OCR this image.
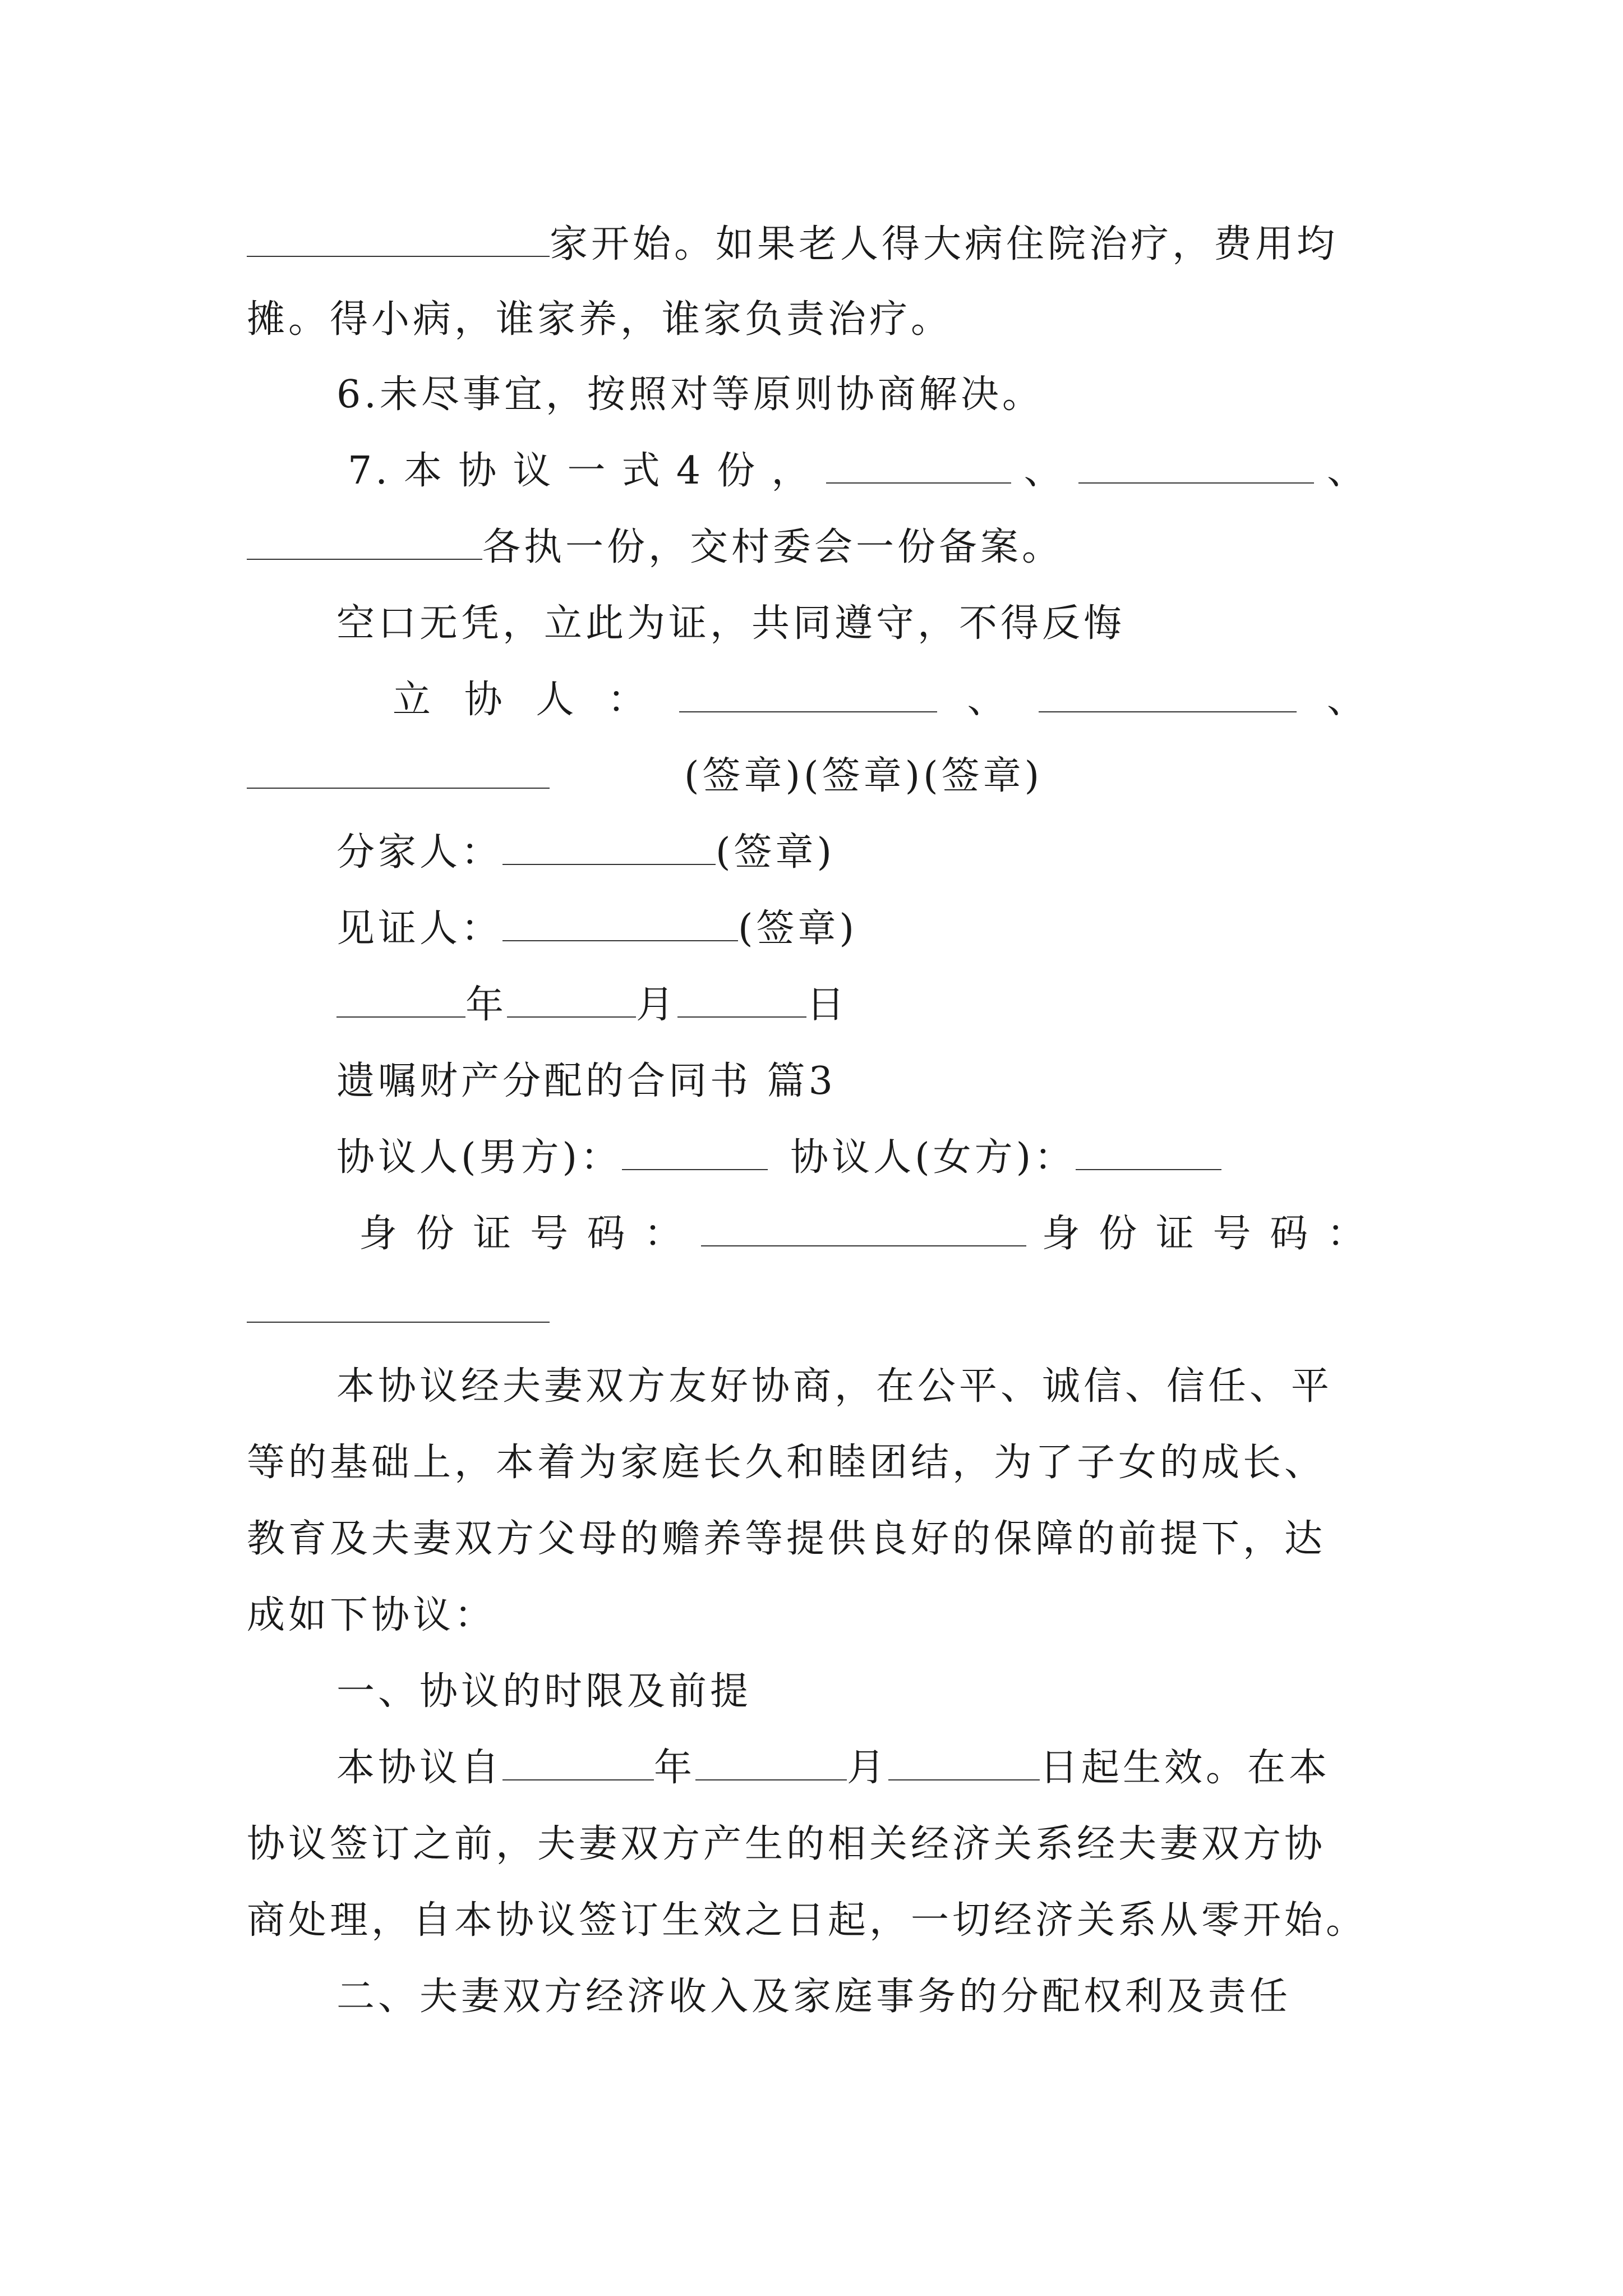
家开始。如果老人得大病住院治疗，费用均
摊。得小病，谁家养，谁家负责治疗。
6.未尽事宜，按照对等原则协商解决。
7. 本 协 议 一 式 4 份 ，	、	、
各执一份，交村委会一份备案。
空口无凭，立此为证，共同遵守，不得反悔
立 协 人 ：	、	、
(签章)(签章)(签章)
分家人：	(签章)
见证人：	(签章)
年	月	日
遗嘱财产分配的合同书 篇3
协议人(男方)：	协议人(女方)：
身 份 证 号 码 ：	身 份 证 号 码 ：
本协议经夫妻双方友好协商，在公平、诚信、信任、平
等的基础上，本着为家庭长久和睦团结，为了子女的成长、
教育及夫妻双方父母的赡养等提供良好的保障的前提下，达
成如下协议：
一、协议的时限及前提
本协议自	年	月	日起生效。在本
协议签订之前，夫妻双方产生的相关经济关系经夫妻双方协
商处理，自本协议签订生效之日起，一切经济关系从零开始。
二、夫妻双方经济收入及家庭事务的分配权利及责任
